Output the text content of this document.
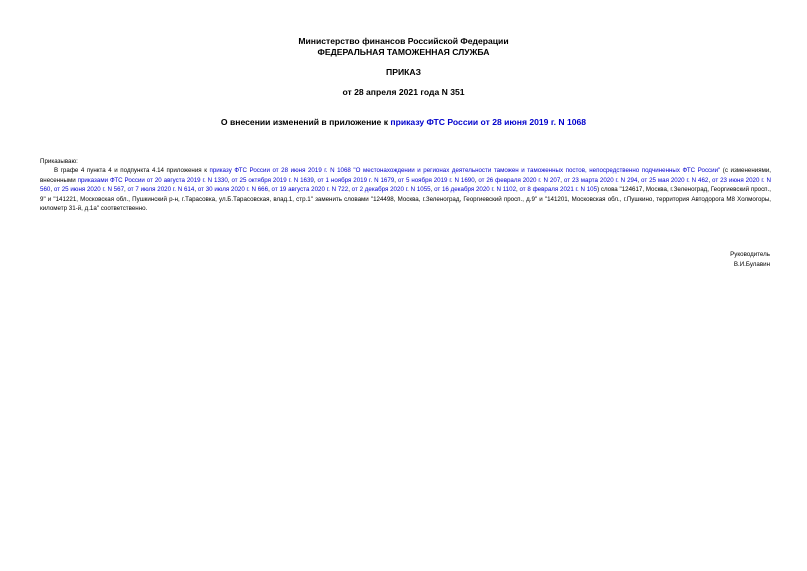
Министерство финансов Российской Федерации
ФЕДЕРАЛЬНАЯ ТАМОЖЕННАЯ СЛУЖБА
ПРИКАЗ
от 28 апреля 2021 года N 351
О внесении изменений в приложение к приказу ФТС России от 28 июня 2019 г. N 1068

Приказываю:

В графе 4 пункта 4 и подпункта 4.14 приложения к приказу ФТС России от 28 июня 2019 г. N 1068 "О местонахождении и регионах деятельности таможен и таможенных постов, непосредственно подчиненных ФТС России" (с изменениями, внесенными приказами ФТС России от 20 августа 2019 г. N 1330, от 25 октября 2019 г. N 1639, от 1 ноября 2019 г. N 1679, от 5 ноября 2019 г. N 1690, от 26 февраля 2020 г. N 207, от 23 марта 2020 г. N 294, от 25 мая 2020 г. N 462, от 23 июня 2020 г. N 560, от 25 июня 2020 г. N 567, от 7 июля 2020 г. N 614, от 30 июля 2020 г. N 666, от 19 августа 2020 г. N 722, от 2 декабря 2020 г. N 1055, от 16 декабря 2020 г. N 1102, от 8 февраля 2021 г. N 105) слова "124617, Москва, г.Зеленоград, Георгиевский просп., 9" и "141221, Московская обл., Пушкинский р-н, г.Тарасовка, ул.Б.Тарасовская, влад.1, стр.1" заменить словами "124498, Москва, г.Зеленоград, Георгиевский просп., д.9" и "141201, Московская обл., г.Пушкино, территория Автодорога М8 Холмогоры, километр 31-й, д.1а" соответственно.

Руководитель
В.И.Булавин
